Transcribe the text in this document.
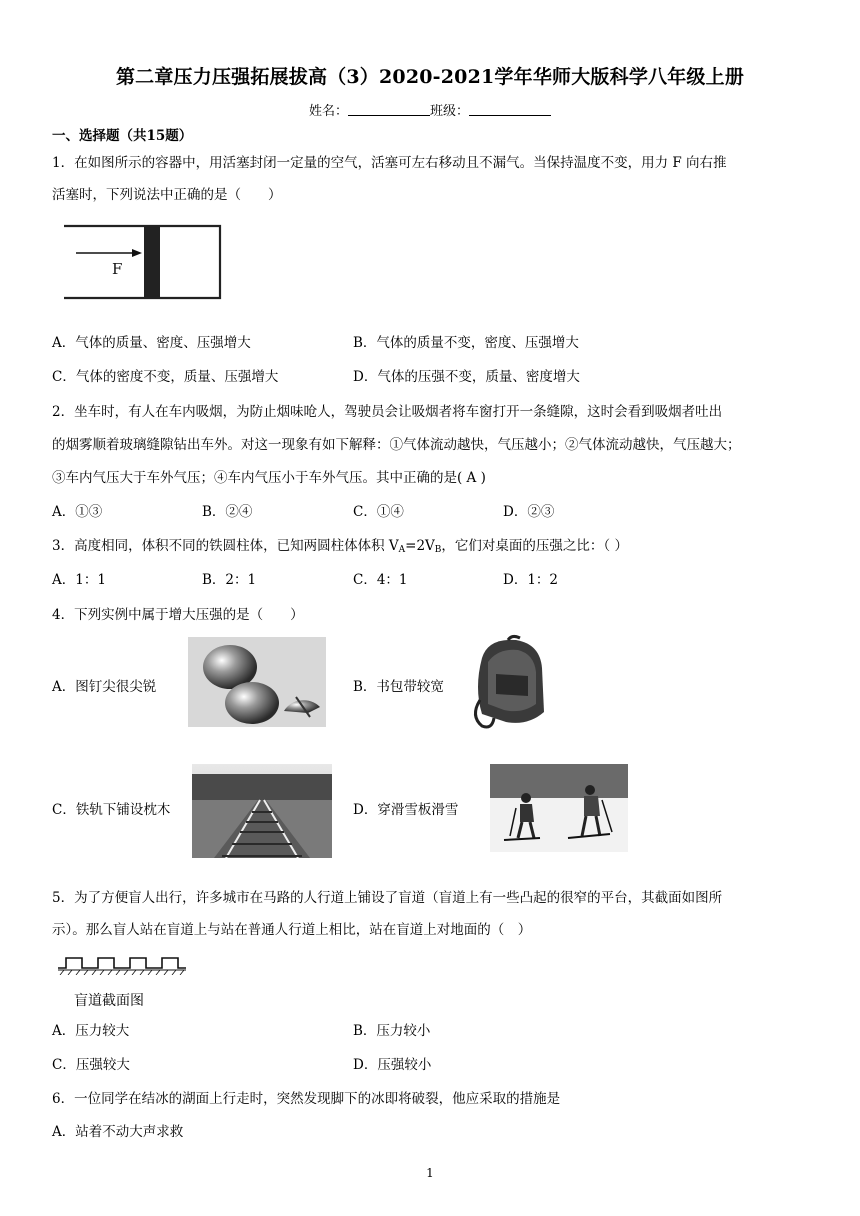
第二章压力压强拓展拔高（3）2020-2021学年华师大版科学八年级上册
姓名：	班级：
一、选择题（共15题）
1．在如图所示的容器中，用活塞封闭一定量的空气，活塞可左右移动且不漏气。当保持温度不变，用力 F 向右推
活塞时，下列说法中正确的是（　　）
F
A．气体的质量、密度、压强增大	B．气体的质量不变，密度、压强增大
C．气体的密度不变，质量、压强增大	D．气体的压强不变，质量、密度增大
2．坐车时，有人在车内吸烟，为防止烟味呛人，驾驶员会让吸烟者将车窗打开一条缝隙，这时会看到吸烟者吐出
的烟雾顺着玻璃缝隙钻出车外。对这一现象有如下解释：①气体流动越快，气压越小；②气体流动越快，气压越大；
③车内气压大于车外气压；④车内气压小于车外气压。其中正确的是( A )
A．①③	B．②④	C．①④	D．②③
3．高度相同，体积不同的铁圆柱体，已知两圆柱体体积 $V_A=2V_B$，它们对桌面的压强之比：（ ）
A．1：1	B．2：1	C．4：1	D．1：2
4．下列实例中属于增大压强的是（　　）
A．图钉尖很尖锐	B．书包带较宽
C．铁轨下铺设枕木	D．穿滑雪板滑雪
5．为了方便盲人出行，许多城市在马路的人行道上铺设了盲道（盲道上有一些凸起的很窄的平台，其截面如图所
示）。那么盲人站在盲道上与站在普通人行道上相比，站在盲道上对地面的（　）
盲道截面图
A．压力较大	B．压力较小
C．压强较大	D．压强较小
6．一位同学在结冰的湖面上行走时，突然发现脚下的冰即将破裂，他应采取的措施是
A．站着不动大声求救
1
